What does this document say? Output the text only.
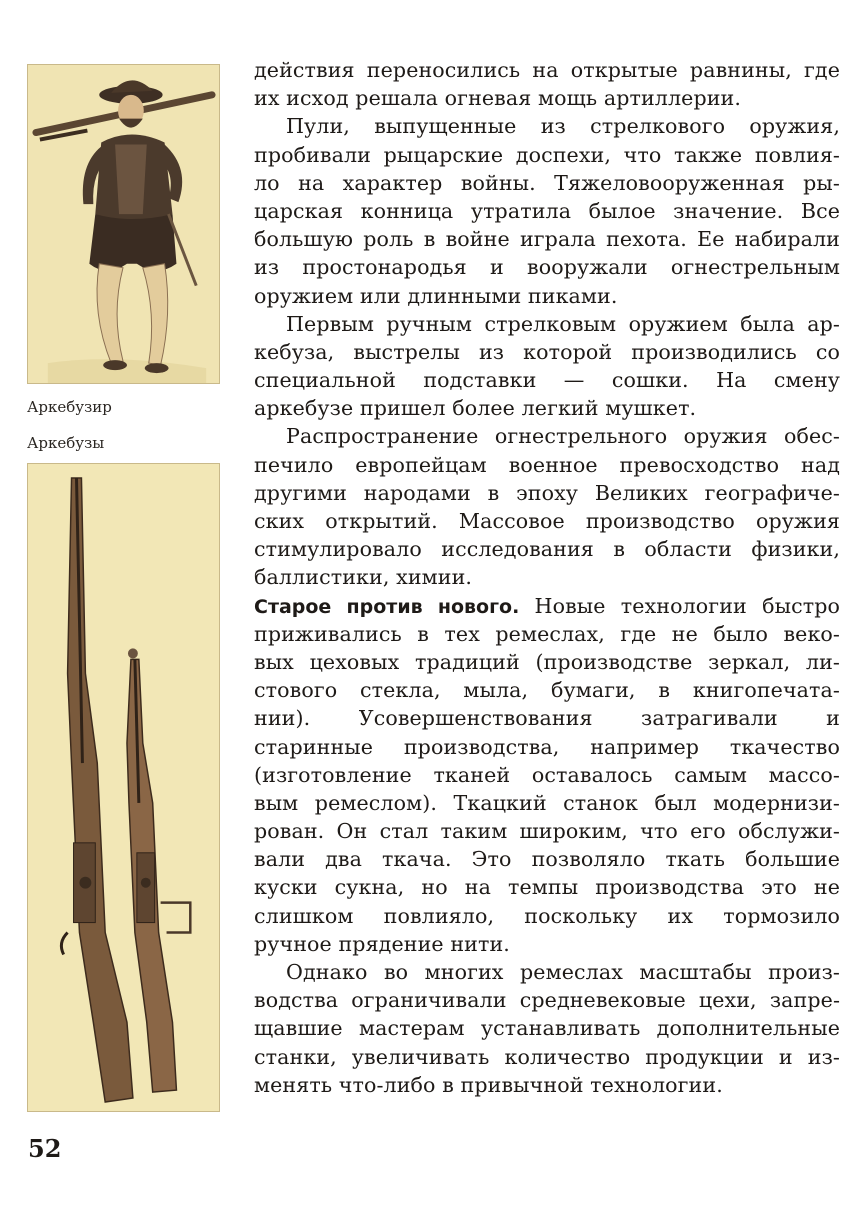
Аркебузир
Аркебузы
действия переносились на открытые равнины, где
их исход решала огневая мощь артиллерии.
Пули, выпущенные из стрелкового оружия,
пробивали рыцарские доспехи, что также повлия-
ло на характер войны. Тяжеловооруженная ры-
царская конница утратила былое значение. Все
большую роль в войне играла пехота. Ее набирали
из простонародья и вооружали огнестрельным
оружием или длинными пиками.
Первым ручным стрелковым оружием была ар-
кебуза, выстрелы из которой производились со
специальной подставки — сошки. На смену
аркебузе пришел более легкий мушкет.
Распространение огнестрельного оружия обес-
печило европейцам военное превосходство над
другими народами в эпоху Великих географиче-
ских открытий. Массовое производство оружия
стимулировало исследования в области физики,
баллистики, химии.
Старое против нового. Новые технологии быстро
приживались в тех ремеслах, где не было веко-
вых цеховых традиций (производстве зеркал, ли-
стового стекла, мыла, бумаги, в книгопечата-
нии). Усовершенствования затрагивали и
старинные производства, например ткачество
(изготовление тканей оставалось самым массо-
вым ремеслом). Ткацкий станок был модернизи-
рован. Он стал таким широким, что его обслужи-
вали два ткача. Это позволяло ткать большие
куски сукна, но на темпы производства это не
слишком повлияло, поскольку их тормозило
ручное прядение нити.
Однако во многих ремеслах масштабы произ-
водства ограничивали средневековые цехи, запре-
щавшие мастерам устанавливать дополнительные
станки, увеличивать количество продукции и из-
менять что-либо в привычной технологии.
52
